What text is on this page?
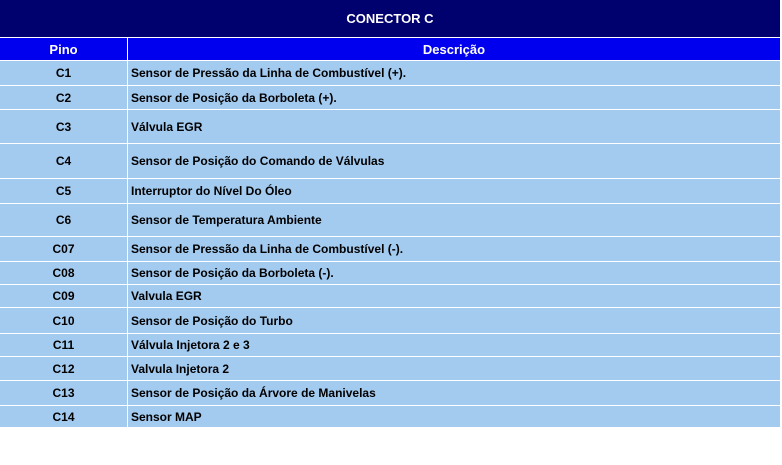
CONECTOR C	
Pino	Descrição
C1	Sensor de Pressão da Linha de Combustível (+).
C2	Sensor de Posição da Borboleta (+).
C3	Válvula EGR
C4	Sensor de Posição do Comando de Válvulas
C5	Interruptor do Nível Do Óleo
C6	Sensor de Temperatura Ambiente
C07	Sensor de Pressão da Linha de Combustível (-).
C08	Sensor de Posição da Borboleta (-).
C09	Valvula EGR
C10	Sensor de Posição do Turbo
C11	Válvula Injetora 2 e 3
C12	Valvula Injetora 2
C13	Sensor de Posição da Árvore de Manivelas
C14	Sensor MAP
